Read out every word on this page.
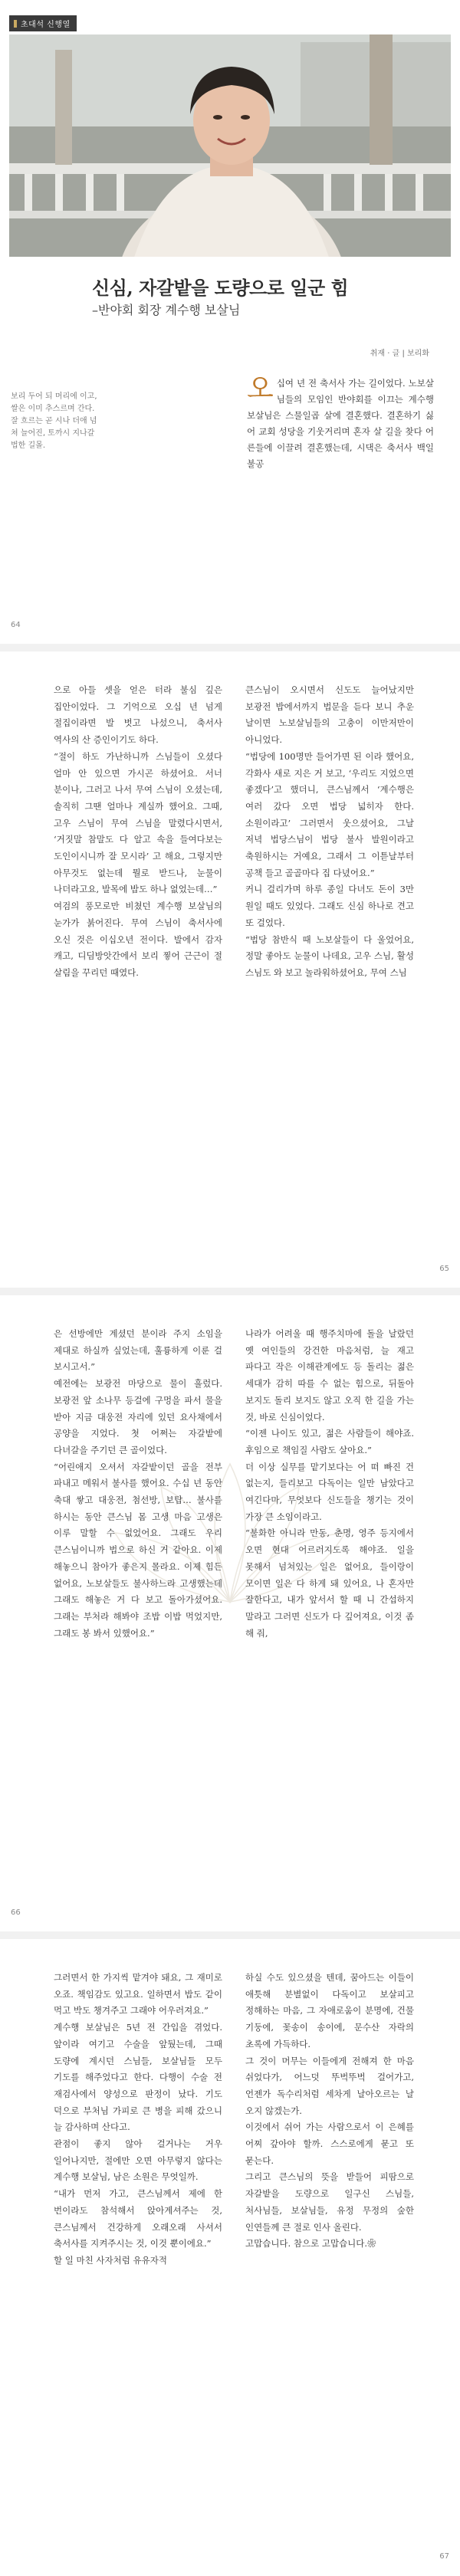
초대석 신행열
신심, 자갈밭을 도량으로 일군 힘
–반야회 회장 계수행 보살님
취재 · 글 | 보리화
보리 두어 되 머리에 이고, 쌀은 이미 추스르며 간다. 잘 흐르는 곧 시나 더애 넘쳐 늘어진, 토까시 지나갈 법한 길몰.
오십여 년 전 축서사 가는 길이었다. 노보살님들의 모임인 반야회를 이끄는 계수행 보살님은 스물일곱 살에 결혼했다. 결혼하기 싫어 교회 성당을 기웃거리며 혼자 살 길을 찾다 어른들에 이끌려 결혼했는데, 시댁은 축서사 백일불공
64
으로 아들 셋을 얻은 터라 불심 깊은 집안이었다. 그 기억으로 오십 년 넘게 절집이라면 발 벗고 나섰으니, 축서사 역사의 산 증인이기도 하다.
“절이 하도 가난하니까 스님들이 오셨다 얼마 안 있으면 가시곤 하셨어요. 서너 분이나, 그러고 나서 무여 스님이 오셨는데, 솔직히 그땐 얼마나 계실까 했어요. 그때, 고우 스님이 무여 스님을 말렸다시면서, ‘거짓말 참말도 다 알고 속을 들여다보는 도인이시니까 잘 모시라’ 고 해요, 그렇지만 아무것도 없는데 뭘로 받드나, 눈물이 나더라고요, 발목에 밥도 하나 없었는데…”
여검의 풍모로만 비쳤던 계수행 보살님의 눈가가 붉어진다. 무여 스님이 축서사에 오신 것은 이십오년 전이다. 발에서 감자 캐고, 디딤방앗간에서 보리 찧어 근근이 절 살림을 꾸리던 때였다.
큰스님이 오시면서 신도도 늘어났지만 보광전 밥에서까지 법문을 듣다 보니 추운 날이면 노보살님들의 고충이 이만저만이 아니었다.
“법당에 100명만 들어가면 된 이라 했어요, 각화사 새로 지은 거 보고, ‘우리도 지었으면 좋겠다’고 했더니, 큰스님께서 ‘계수행은 여러 갔다 오면 법당 넓히자 한다. 소원이라고’ 그러면서 웃으셨어요, 그날 저녁 법당스님이 법당 불사 발원이라고 축원하시는 거예요, 그래서 그 이튿날부터 공책 들고 골골마다 집 다녔어요.”
커니 걸리가며 하루 종일 다녀도 돈이 3만 원일 때도 있었다. 그래도 신심 하나로 견고 또 걸었다.
“법당 참반식 때 노보살들이 다 울었어요, 정말 좋아도 눈물이 나데요, 고우 스님, 활성 스님도 와 보고 놀라워하셨어요, 무여 스님
65
은 선방에만 계셨던 분이라 주지 소임을 제대로 하실까 싶었는데, 훌륭하게 이룬 걸 보시고서.”
예전에는 보광전 마당으로 물이 흘렀다. 보광전 앞 소나무 등걸에 구멍을 파서 물을 받아 지금 대웅전 자리에 있던 요사채에서 공양을 지었다. 첫 어쩌는 자갈밭에 다녀갈을 주기던 큰 골이었다.
“어린애지 오셔서 자갈밭이던 골을 전부 파내고 메워서 불사를 했어요. 수십 년 동안 축대 쌓고 대웅전, 첨선방, 보탑… 불사를 하시는 동안 큰스님 몸 고생 마음 고생은 이루 말할 수 없었어요. 그래도 우리 큰스님이니까 법으로 하신 거 같아요. 이제 해놓으니 참아가 좋은지 몰라요. 이제 힘든 없어요, 노보살들도 불사하느라 고생했는데 그래도 해놓은 거 다 보고 돌아가셨어요. 그래는 부처라 해봐야 조밥 이밥 먹었지만, 그래도 봉 봐서 있했어요.”
나라가 어려울 때 행주치마에 돌을 날랐던 옛 여인들의 강건한 마음처럼, 늘 재고 파다고 작은 이해관계에도 등 돌리는 젊은 세대가 감히 따를 수 없는 힘으로, 뒤돌아 보지도 돌리 보지도 않고 오직 한 길을 가는 것, 바로 신심이었다.
“이젠 나이도 있고, 젊은 사람들이 해야죠. 후임으로 책임질 사람도 살아요.”
더 이상 실무를 맡기보다는 어 떠 빠진 건 없는지, 들리보고 다독이는 일만 남았다고 여긴다마, 무엇보다 신도들을 챙기는 것이 가장 큰 소임이라고.
“불화한 아니라 만동, 춘명, 영주 등지에서 오면 현대 어르러지도록 해야죠. 일을 못해서 넘쳐있는 일은 없어요, 들이랑이 모이면 일은 다 하게 돼 있어요, 나 혼자만 잘한다고, 내가 앞서서 할 때 니 간섭하지 말라고 그러면 신도가 다 깊어져요, 이것 좀 해 줘,
66
그러면서 한 가지씩 맡겨야 돼요, 그 재미로 오죠. 책임감도 있고요. 일하면서 밥도 같이 먹고 박도 챙겨주고 그래야 어우러져요.”
계수행 보살님은 5년 전 간입을 겪었다. 앞이라 여기고 수술을 앞뒀는데, 그때 도량에 계시던 스님들, 보살님들 모두 기도를 해주었다고 한다. 다행이 수술 전 재검사에서 양성으로 판정이 났다. 기도 덕으로 부처님 가피로 큰 병을 피해 갔으니 늘 감사하며 산다고.
관점이 좋지 않아 걸거나는 거우 일어나지만, 절에만 오면 아무렇지 않다는 계수행 보살님, 남은 소원은 무엇일까.
“내가 먼저 가고, 큰스님께서 제에 한 번이라도 참석해서 앉아계셔주는 것, 큰스님께서 건강하게 오래오래 사셔서 축서사를 지켜주시는 것, 이것 뿐이에요.”
할 일 마친 사자처럼 유유자적
하실 수도 있으셨을 텐데, 꿈아드는 이들이 애틋해 분별없이 다독이고 보살피고 정해하는 마음, 그 자애로움이 분명에, 건물 기둥에, 꽃송이 송이에, 문수산 자락의 초록에 가득하다.
그 것이 머무는 이들에게 전해져 한 마음 쉬었다가, 어느덧 뚜벅뚜벅 걸어가고, 언젠가 독수리처럼 세차게 날아오르는 날 오지 않겠는가.
이것에서 쉬어 가는 사람으로서 이 은혜를 어찌 갚아야 할까. 스스로에게 묻고 또 묻는다.
그리고 큰스님의 뜻을 받들어 피땀으로 자갈밭을 도량으로 일구신 스님들, 처사님들, 보살님들, 유정 무정의 숲한 인연들께 큰 절로 인사 올린다.
고맙습니다. 참으로 고맙습니다.❀
67
